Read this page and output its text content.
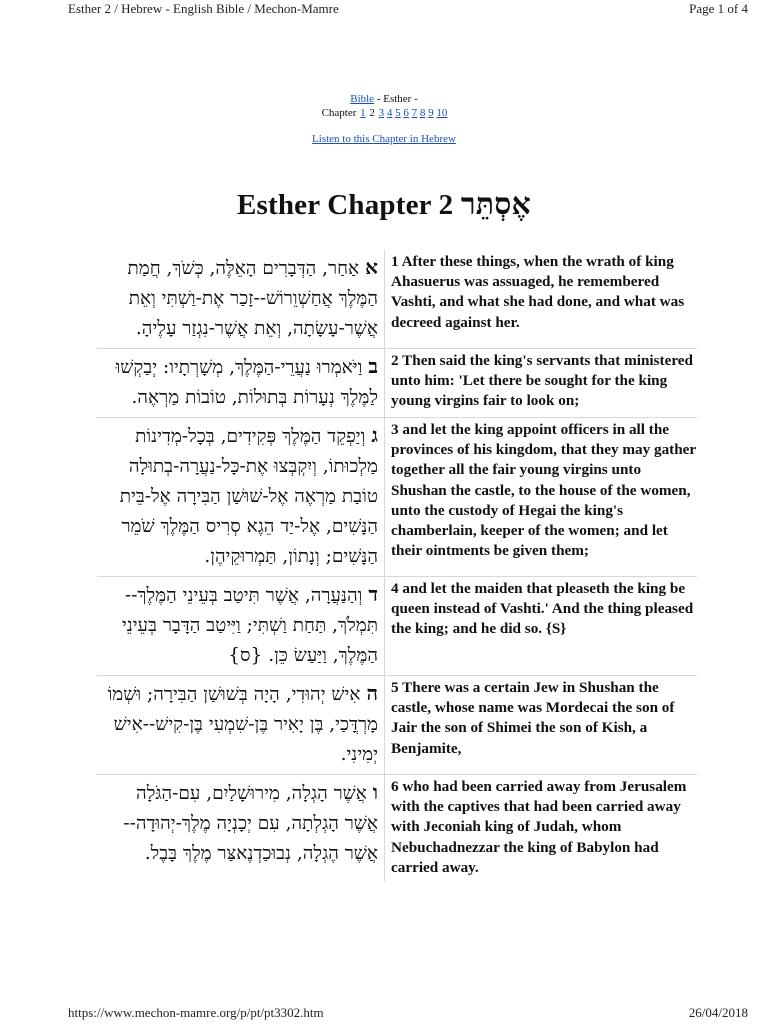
Esther 2 / Hebrew - English Bible / Mechon-Mamre	Page 1 of 4
Bible - Esther -
Chapter 1 2 3 4 5 6 7 8 9 10
Listen to this Chapter in Hebrew
Esther Chapter 2 אֶסְתֵּר
אאַחַר, הַדְּבָרִים הָאֵלֶּה, כְּשֹׁךְ, חֲמַת הַמֶּלֶךְ אֲחַשְׁוֵרוֹשׁ--זָכַר אֶת-וַשְׁתִּי וְאֵת אֲשֶׁר-עָשָׂתָה, וְאֵת אֲשֶׁר-נִגְזַר עָלֶיהָ.
1 After these things, when the wrath of king Ahasuerus was assuaged, he remembered Vashti, and what she had done, and what was decreed against her.
בוַיֹּאמְרוּ נַעֲרֵי-הַמֶּלֶךְ, מְשָׁרְתָיו: יְבַקְשׁוּ לַמֶּלֶךְ נְעָרוֹת בְּתוּלוֹת, טוֹבוֹת מַרְאֶה.
2 Then said the king's servants that ministered unto him: 'Let there be sought for the king young virgins fair to look on;
גוְיַפְקֵד הַמֶּלֶךְ פְּקִידִים, בְּכָל-מְדִינוֹת מַלְכוּתוֹ, וְיִקְבְּצוּ אֶת-כָּל-נַעֲרָה-בְתוּלָה טוֹבַת מַרְאֶה אֶל-שׁוּשַׁן הַבִּירָה אֶל-בֵּית הַנָּשִׁים, אֶל-יַד הֵגֶא סְרִיס הַמֶּלֶךְ שֹׁמֵר הַנָּשִׁים; וְנָתוֹן, תַּמְרוּקֵיהֶן.
3 and let the king appoint officers in all the provinces of his kingdom, that they may gather together all the fair young virgins unto Shushan the castle, to the house of the women, unto the custody of Hegai the king's chamberlain, keeper of the women; and let their ointments be given them;
דוְהַנַּעֲרָה, אֲשֶׁר תִּיטַב בְּעֵינֵי הַמֶּלֶךְ--תִּמְלֹךְ, תַּחַת וַשְׁתִּי; וַיִּיטַב הַדָּבָר בְּעֵינֵי הַמֶּלֶךְ, וַיַּעַשׂ כֵּן. {ס}
4 and let the maiden that pleaseth the king be queen instead of Vashti.' And the thing pleased the king; and he did so. {S}
האִישׁ יְהוּדִי, הָיָה בְּשׁוּשַׁן הַבִּירָה; וּשְׁמוֹ מָרְדֳּכַי, בֶּן יָאִיר בֶּן-שִׁמְעִי בֶּן-קִישׁ--אִישׁ יְמִינִי.
5 There was a certain Jew in Shushan the castle, whose name was Mordecai the son of Jair the son of Shimei the son of Kish, a Benjamite,
ואֲשֶׁר הָגְלָה, מִירוּשָׁלַיִם, עִם-הַגֹּלָה אֲשֶׁר הָגְלְתָה, עִם יְכָנְיָה מֶלֶךְ-יְהוּדָה--אֲשֶׁר הֶגְלָה, נְבוּכַדְנֶאצַּר מֶלֶךְ בָּבֶל.
6 who had been carried away from Jerusalem with the captives that had been carried away with Jeconiah king of Judah, whom Nebuchadnezzar the king of Babylon had carried away.
https://www.mechon-mamre.org/p/pt/pt3302.htm	26/04/2018
